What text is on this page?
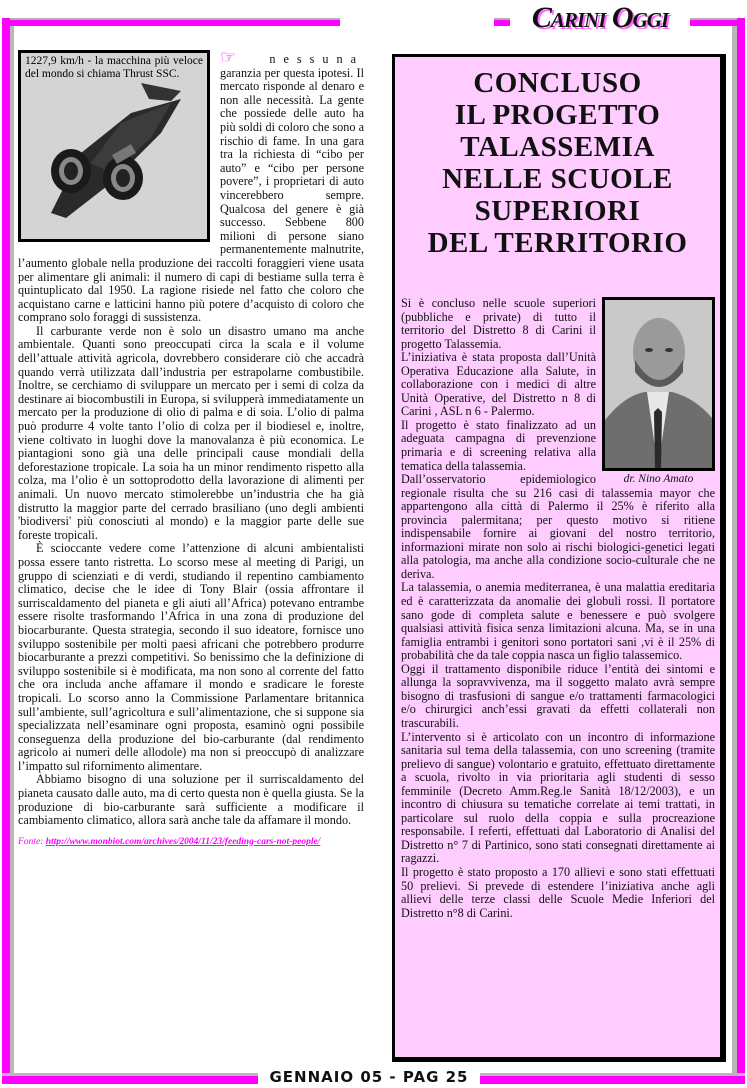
Carini Oggi
GENNAIO 05 - PAG 25
1227,9 km/h - la macchina più veloce del mondo si chiama Thrust SSC.

☞	nessuna garanzia per questa ipotesi. Il mercato risponde al denaro e non alle necessità. La gente che possiede delle auto ha più soldi di coloro che sono a rischio di fame. In una gara tra la richiesta di “cibo per auto” e “cibo per persone povere”, i proprietari di auto vincerebbero sempre. Qualcosa del genere è già successo. Sebbene 800 milioni di persone siano permanentemente malnutrite, l’aumento globale nella produzione dei raccolti foraggieri viene usata per alimentare gli animali: il numero di capi di bestiame sulla terra è quintuplicato dal 1950. La ragione risiede nel fatto che coloro che acquistano carne e latticini hanno più potere d’acquisto di coloro che comprano solo foraggi di sussistenza.

Il carburante verde non è solo un disastro umano ma anche ambientale. Quanti sono preoccupati circa la scala e il volume dell’attuale attività agricola, dovrebbero considerare ciò che accadrà quando verrà utilizzata dall’industria per estrapolarne combustibile. Inoltre, se cerchiamo di sviluppare un mercato per i semi di colza da destinare ai biocombustili in Europa, si svilupperà immediatamente un mercato per la produzione di olio di palma e di soia. L’olio di palma può produrre 4 volte tanto l’olio di colza per il biodiesel e, inoltre, viene coltivato in luoghi dove la manovalanza è più economica. Le piantagioni sono già una delle principali cause mondiali della deforestazione tropicale. La soia ha un minor rendimento rispetto alla colza, ma l’olio è un sottoprodotto della lavorazione di alimenti per animali. Un nuovo mercato stimolerebbe un’industria che ha già distrutto la maggior parte del cerrado brasiliano (uno degli ambienti 'biodiversi' più conosciuti al mondo) e la maggior parte delle sue foreste tropicali.

È scioccante vedere come l’attenzione di alcuni ambientalisti possa essere tanto ristretta. Lo scorso mese al meeting di Parigi, un gruppo di scienziati e di verdi, studiando il repentino cambiamento climatico, decise che le idee di Tony Blair (ossia affrontare il surriscaldamento del pianeta e gli aiuti all’Africa) potevano entrambe essere risolte trasformando l’Africa in una zona di produzione del biocarburante. Questa strategia, secondo il suo ideatore, fornisce uno sviluppo sostenibile per molti paesi africani che potrebbero produrre biocarburante a prezzi competitivi. So benissimo che la definizione di sviluppo sostenibile si è modificata, ma non sono al corrente del fatto che ora includa anche affamare il mondo e sradicare le foreste tropicali. Lo scorso anno la Commissione Parlamentare britannica sull’ambiente, sull’agricoltura e sull’alimentazione, che si suppone sia specializzata nell’esaminare ogni proposta, esaminò ogni possibile conseguenza della produzione del bio-carburante (dal rendimento agricolo ai numeri delle allodole) ma non si preoccupò di analizzare l’impatto sul rifornimento alimentare.

Abbiamo bisogno di una soluzione per il surriscaldamento del pianeta causato dalle auto, ma di certo questa non è quella giusta. Se la produzione di bio-carburante sarà sufficiente a modificare il cambiamento climatico, allora sarà anche tale da affamare il mondo.

Fonte: http://www.monbiot.com/archives/2004/11/23/feeding-cars-not-people/
CONCLUSO
IL PROGETTO
TALASSEMIA
NELLE SCUOLE
SUPERIORI
DEL TERRITORIO
dr. Nino Amato

Si è concluso nelle scuole superiori (pubbliche e private) di tutto il territorio del Distretto 8 di Carini il progetto Talassemia.

L’iniziativa è stata proposta dall’Unità Operativa Educazione alla Salute, in collaborazione con i medici di altre Unità Operative, del Distretto n 8 di Carini , ASL n 6 - Palermo.

Il progetto è stato finalizzato ad un adeguata campagna di prevenzione primaria e di screening relativa alla tematica della talassemia.

Dall’osservatorio epidemiologico regionale risulta che su 216 casi di talassemia mayor che appartengono alla città di Palermo il 25% è riferito alla provincia palermitana; per questo motivo si ritiene indispensabile fornire ai giovani del nostro territorio, informazioni mirate non solo ai rischi biologici-genetici legati alla patologia, ma anche alla condizione socio-culturale che ne deriva.

La talassemia, o anemia mediterranea, è una malattia ereditaria ed è caratterizzata da anomalie dei globuli rossi. Il portatore sano gode di completa salute e benessere e può svolgere qualsiasi attività fisica senza limitazioni alcuna. Ma, se in una famiglia entrambi i genitori sono portatori sani ,vi è il 25% di probabilità che da tale coppia nasca un figlio talassemico.

Oggi il trattamento disponibile riduce l’entità dei sintomi e allunga la sopravvivenza, ma il soggetto malato avrà sempre bisogno di trasfusioni di sangue e/o trattamenti farmacologici e/o chirurgici anch’essi gravati da effetti collaterali non trascurabili.

L’intervento si è articolato con un incontro di informazione sanitaria sul tema della talassemia, con uno screening (tramite prelievo di sangue) volontario e gratuito, effettuato direttamente a scuola, rivolto in via prioritaria agli studenti di sesso femminile (Decreto Amm.Reg.le Sanità 18/12/2003), e un incontro di chiusura su tematiche correlate ai temi trattati, in particolare sul ruolo della coppia e sulla procreazione responsabile. I referti, effettuati dal Laboratorio di Analisi del Distretto n° 7 di Partinico, sono stati consegnati direttamente ai ragazzi.

Il progetto è stato proposto a 170 allievi e sono stati effettuati 50 prelievi. Si prevede di estendere l’iniziativa anche agli allievi delle terze classi delle Scuole Medie Inferiori del Distretto n°8 di Carini.
